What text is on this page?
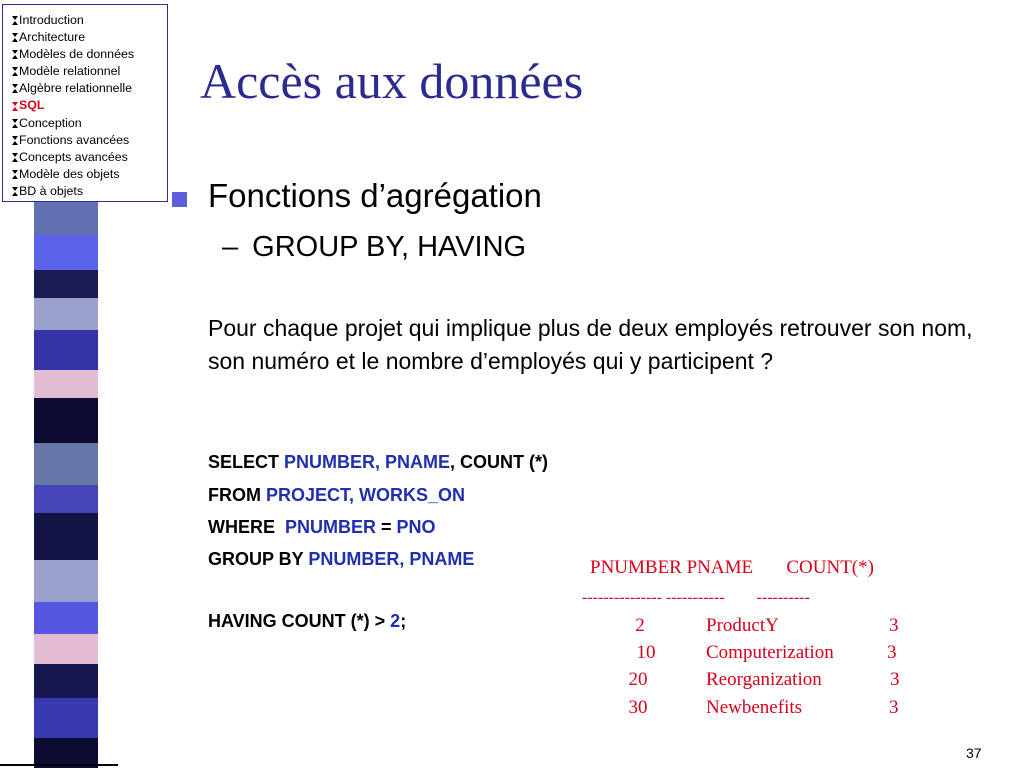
Introduction
Architecture
Modèles de données
Modèle relationnel
Algèbre relationnelle
SQL
Conception
Fonctions avancées
Concepts avancées
Modèle des objets
BD à objets
Accès aux données
Fonctions d’agrégation
– GROUP BY, HAVING
Pour chaque projet qui implique plus de deux employés retrouver son nom, son numéro et le nombre d’employés qui y participent ?
SELECT PNUMBER, PNAME, COUNT (*)
FROM PROJECT, WORKS_ON
WHERE  PNUMBER = PNO
GROUP BY PNUMBER, PNAME
HAVING COUNT (*) > 2;
PNUMBER PNAME       COUNT(*)
--------------- -----------        ----------
2	ProductY	3
10	Computerization	3
20	Reorganization	3
30	Newbenefits	3
37
